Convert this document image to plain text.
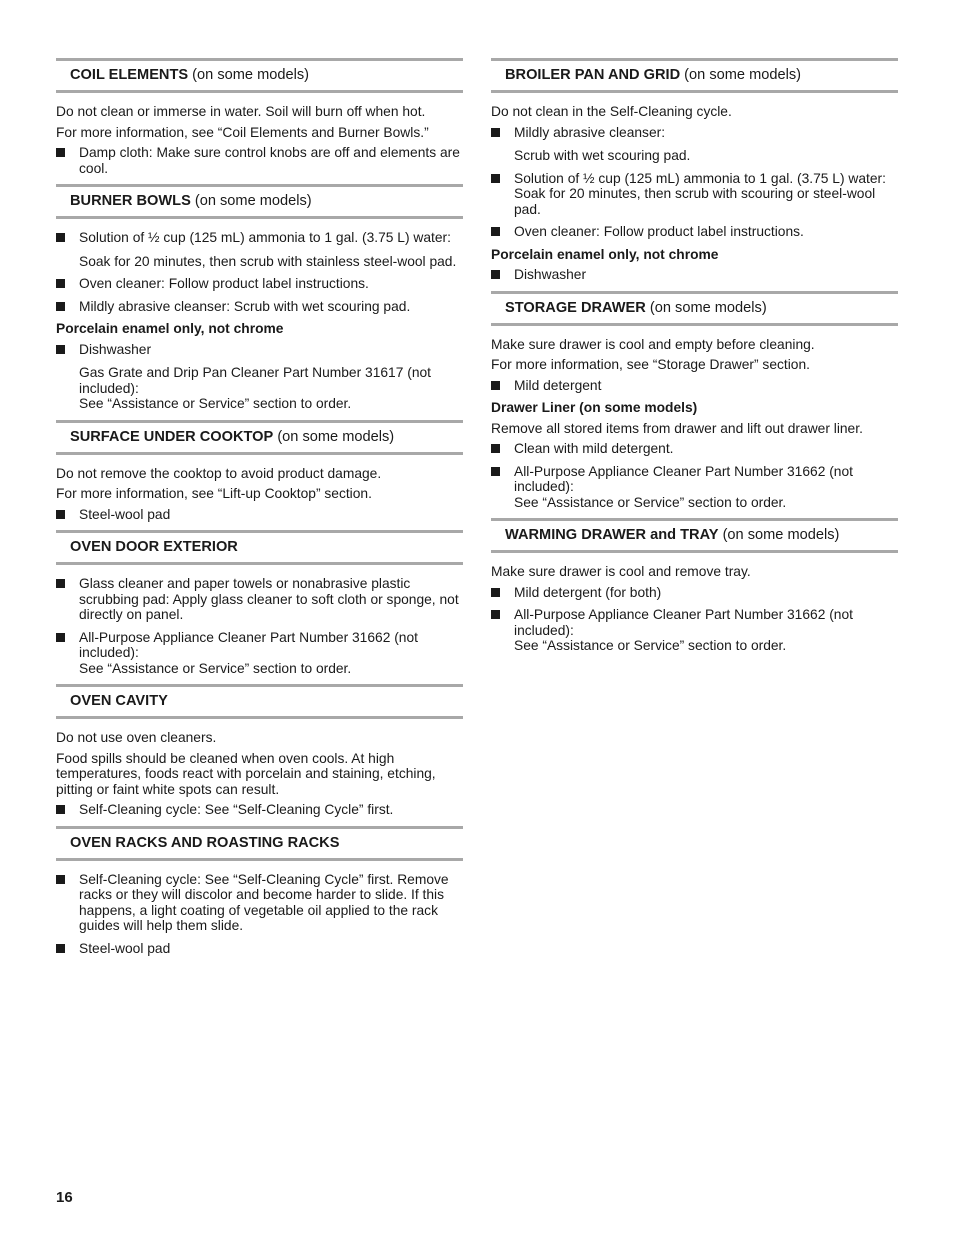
COIL ELEMENTS (on some models)

Do not clean or immerse in water. Soil will burn off when hot.

For more information, see “Coil Elements and Burner Bowls.”

Damp cloth: Make sure control knobs are off and elements are cool.
BURNER BOWLS (on some models)
Solution of ½ cup (125 mL) ammonia to 1 gal. (3.75 L) water:
Soak for 20 minutes, then scrub with stainless steel-wool pad.
Oven cleaner: Follow product label instructions.
Mildly abrasive cleanser: Scrub with wet scouring pad.
Porcelain enamel only, not chrome
Dishwasher
Gas Grate and Drip Pan Cleaner Part Number 31617 (not included):
See “Assistance or Service” section to order.
SURFACE UNDER COOKTOP (on some models)

Do not remove the cooktop to avoid product damage.

For more information, see “Lift-up Cooktop” section.

Steel-wool pad
OVEN DOOR EXTERIOR
Glass cleaner and paper towels or nonabrasive plastic scrubbing pad: Apply glass cleaner to soft cloth or sponge, not directly on panel.
All-Purpose Appliance Cleaner Part Number 31662 (not included):
See “Assistance or Service” section to order.
OVEN CAVITY

Do not use oven cleaners.

Food spills should be cleaned when oven cools. At high temperatures, foods react with porcelain and staining, etching, pitting or faint white spots can result.

Self-Cleaning cycle: See “Self-Cleaning Cycle” first.
OVEN RACKS AND ROASTING RACKS
Self-Cleaning cycle: See “Self-Cleaning Cycle” first. Remove racks or they will discolor and become harder to slide. If this happens, a light coating of vegetable oil applied to the rack guides will help them slide.
Steel-wool pad
BROILER PAN AND GRID (on some models)

Do not clean in the Self-Cleaning cycle.

Mildly abrasive cleanser:
Scrub with wet scouring pad.
Solution of ½ cup (125 mL) ammonia to 1 gal. (3.75 L) water: Soak for 20 minutes, then scrub with scouring or steel-wool pad.
Oven cleaner: Follow product label instructions.
Porcelain enamel only, not chrome
Dishwasher
STORAGE DRAWER (on some models)

Make sure drawer is cool and empty before cleaning.

For more information, see “Storage Drawer” section.

Mild detergent
Drawer Liner (on some models)

Remove all stored items from drawer and lift out drawer liner.

Clean with mild detergent.
All-Purpose Appliance Cleaner Part Number 31662 (not included):
See “Assistance or Service” section to order.
WARMING DRAWER and TRAY (on some models)

Make sure drawer is cool and remove tray.

Mild detergent (for both)
All-Purpose Appliance Cleaner Part Number 31662 (not included):
See “Assistance or Service” section to order.
16
